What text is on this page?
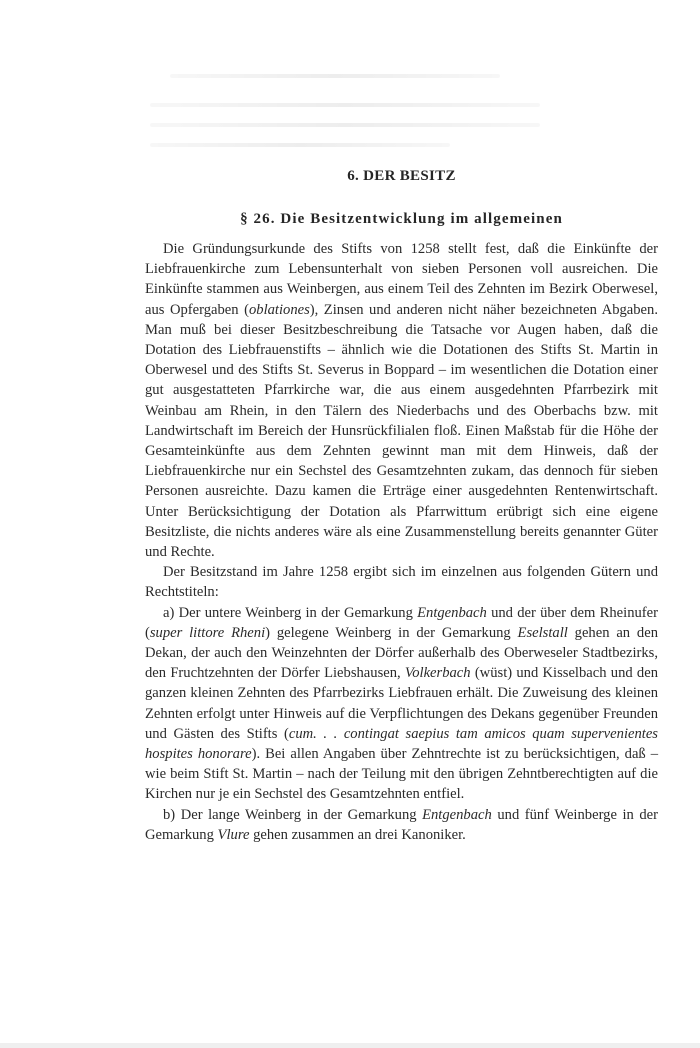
6. DER BESITZ
§ 26. Die Besitzentwicklung im allgemeinen

Die Gründungsurkunde des Stifts von 1258 stellt fest, daß die Einkünfte der Liebfrauenkirche zum Lebensunterhalt von sieben Personen voll ausreichen. Die Einkünfte stammen aus Weinbergen, aus einem Teil des Zehnten im Bezirk Oberwesel, aus Opfergaben (oblationes), Zinsen und anderen nicht näher bezeichneten Abgaben. Man muß bei dieser Besitzbeschreibung die Tatsache vor Augen haben, daß die Dotation des Liebfrauenstifts – ähnlich wie die Dotationen des Stifts St. Martin in Oberwesel und des Stifts St. Severus in Boppard – im wesentlichen die Dotation einer gut ausgestatteten Pfarrkirche war, die aus einem ausgedehnten Pfarrbezirk mit Weinbau am Rhein, in den Tälern des Niederbachs und des Oberbachs bzw. mit Landwirtschaft im Bereich der Hunsrückfilialen floß. Einen Maßstab für die Höhe der Gesamteinkünfte aus dem Zehnten gewinnt man mit dem Hinweis, daß der Liebfrauenkirche nur ein Sechstel des Gesamtzehnten zukam, das dennoch für sieben Personen ausreichte. Dazu kamen die Erträge einer ausgedehnten Rentenwirtschaft. Unter Berücksichtigung der Dotation als Pfarrwittum erübrigt sich eine eigene Besitzliste, die nichts anderes wäre als eine Zusammenstellung bereits genannter Güter und Rechte.

Der Besitzstand im Jahre 1258 ergibt sich im einzelnen aus folgenden Gütern und Rechtstiteln:

a) Der untere Weinberg in der Gemarkung Entgenbach und der über dem Rheinufer (super littore Rheni) gelegene Weinberg in der Gemarkung Eselstall gehen an den Dekan, der auch den Weinzehnten der Dörfer außerhalb des Oberweseler Stadtbezirks, den Fruchtzehnten der Dörfer Liebshausen, Volkerbach (wüst) und Kisselbach und den ganzen kleinen Zehnten des Pfarrbezirks Liebfrauen erhält. Die Zuweisung des kleinen Zehnten erfolgt unter Hinweis auf die Verpflichtungen des Dekans gegenüber Freunden und Gästen des Stifts (cum. . . contingat saepius tam amicos quam supervenientes hospites honorare). Bei allen Angaben über Zehntrechte ist zu berücksichtigen, daß – wie beim Stift St. Martin – nach der Teilung mit den übrigen Zehntberechtigten auf die Kirchen nur je ein Sechstel des Gesamtzehnten entfiel.

b) Der lange Weinberg in der Gemarkung Entgenbach und fünf Weinberge in der Gemarkung Vlure gehen zusammen an drei Kanoniker.
